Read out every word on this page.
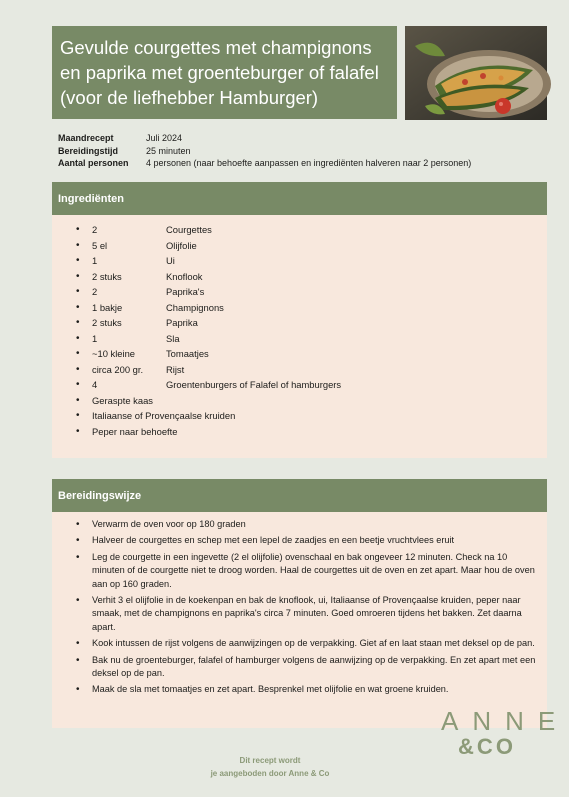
Gevulde courgettes met champignons en paprika met groenteburger of falafel (voor de liefhebber Hamburger)
Maandrecept	Juli 2024
Bereidingstijd	25 minuten
Aantal personen	4 personen (naar behoefte aanpassen en ingrediënten halveren naar 2 personen)
Ingrediënten
• 2	Courgettes
• 5 el	Olijfolie
• 1	Ui
• 2 stuks	Knoflook
• 2	Paprika's
• 1 bakje	Champignons
• 2 stuks	Paprika
• 1	Sla
• ~10 kleine	Tomaatjes
• circa 200 gr.	Rijst
• 4	Groentenburgers of Falafel of hamburgers
• Geraspte kaas
• Italiaanse of Provençaalse kruiden
• Peper naar behoefte
Bereidingswijze
• Verwarm de oven voor op 180 graden
• Halveer de courgettes en schep met een lepel de zaadjes en een beetje vruchtvlees eruit
• Leg de courgette in een ingevette (2 el olijfolie) ovenschaal en bak ongeveer 12 minuten. Check na 10 minuten of de courgette niet te droog worden. Haal de courgettes uit de oven en zet apart. Maar hou de oven aan op 160 graden.
• Verhit 3 el olijfolie in de koekenpan en bak de knoflook, ui, Italiaanse of Provençaalse kruiden, peper naar smaak, met de champignons en paprika's circa 7 minuten. Goed omroeren tijdens het bakken. Zet daarna apart.
• Kook intussen de rijst volgens de aanwijzingen op de verpakking. Giet af en laat staan met deksel op de pan.
• Bak nu de groenteburger, falafel of hamburger volgens de aanwijzing op de verpakking. En zet apart met een deksel op de pan.
• Maak de sla met tomaatjes en zet apart. Besprenkel met olijfolie en wat groene kruiden.
ANNE
&CO
Dit recept wordt
je aangeboden door Anne & Co
